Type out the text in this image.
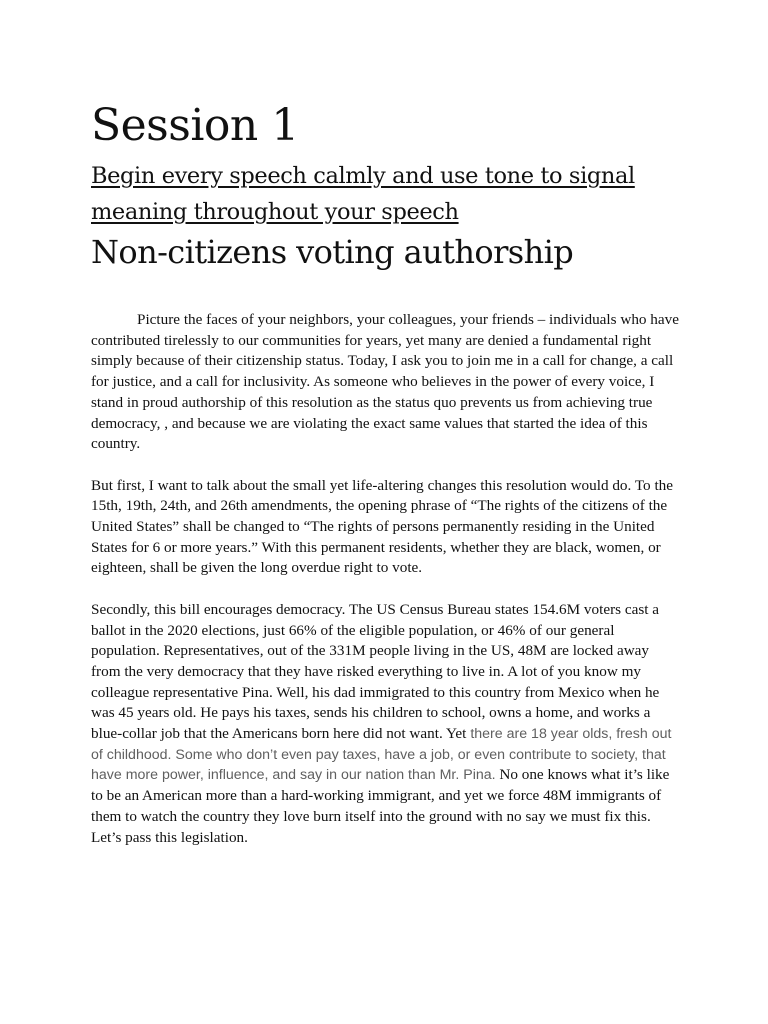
Session 1
Begin every speech calmly and use tone to signal meaning throughout your speech
Non-citizens voting authorship

Picture the faces of your neighbors, your colleagues, your friends – individuals who have contributed tirelessly to our communities for years, yet many are denied a fundamental right simply because of their citizenship status. Today, I ask you to join me in a call for change, a call for justice, and a call for inclusivity. As someone who believes in the power of every voice, I stand in proud authorship of this resolution as the status quo prevents us from achieving true democracy, , and because we are violating the exact same values that started the idea of this country.

But first, I want to talk about the small yet life-altering changes this resolution would do. To the 15th, 19th, 24th, and 26th amendments, the opening phrase of “The rights of the citizens of the United States” shall be changed to “The rights of persons permanently residing in the United States for 6 or more years.” With this permanent residents, whether they are black, women, or eighteen, shall be given the long overdue right to vote.

Secondly, this bill encourages democracy. The US Census Bureau states 154.6M voters cast a ballot in the 2020 elections, just 66% of the eligible population, or 46% of our general population. Representatives, out of the 331M people living in the US, 48M are locked away from the very democracy that they have risked everything to live in. A lot of you know my colleague representative Pina. Well, his dad immigrated to this country from Mexico when he was 45 years old. He pays his taxes, sends his children to school, owns a home, and works a blue-collar job that the Americans born here did not want. Yet there are 18 year olds, fresh out of childhood. Some who don’t even pay taxes, have a job, or even contribute to society, that have more power, influence, and say in our nation than Mr. Pina. No one knows what it’s like to be an American more than a hard-working immigrant, and yet we force 48M immigrants of them to watch the country they love burn itself into the ground with no say we must fix this. Let’s pass this legislation.
